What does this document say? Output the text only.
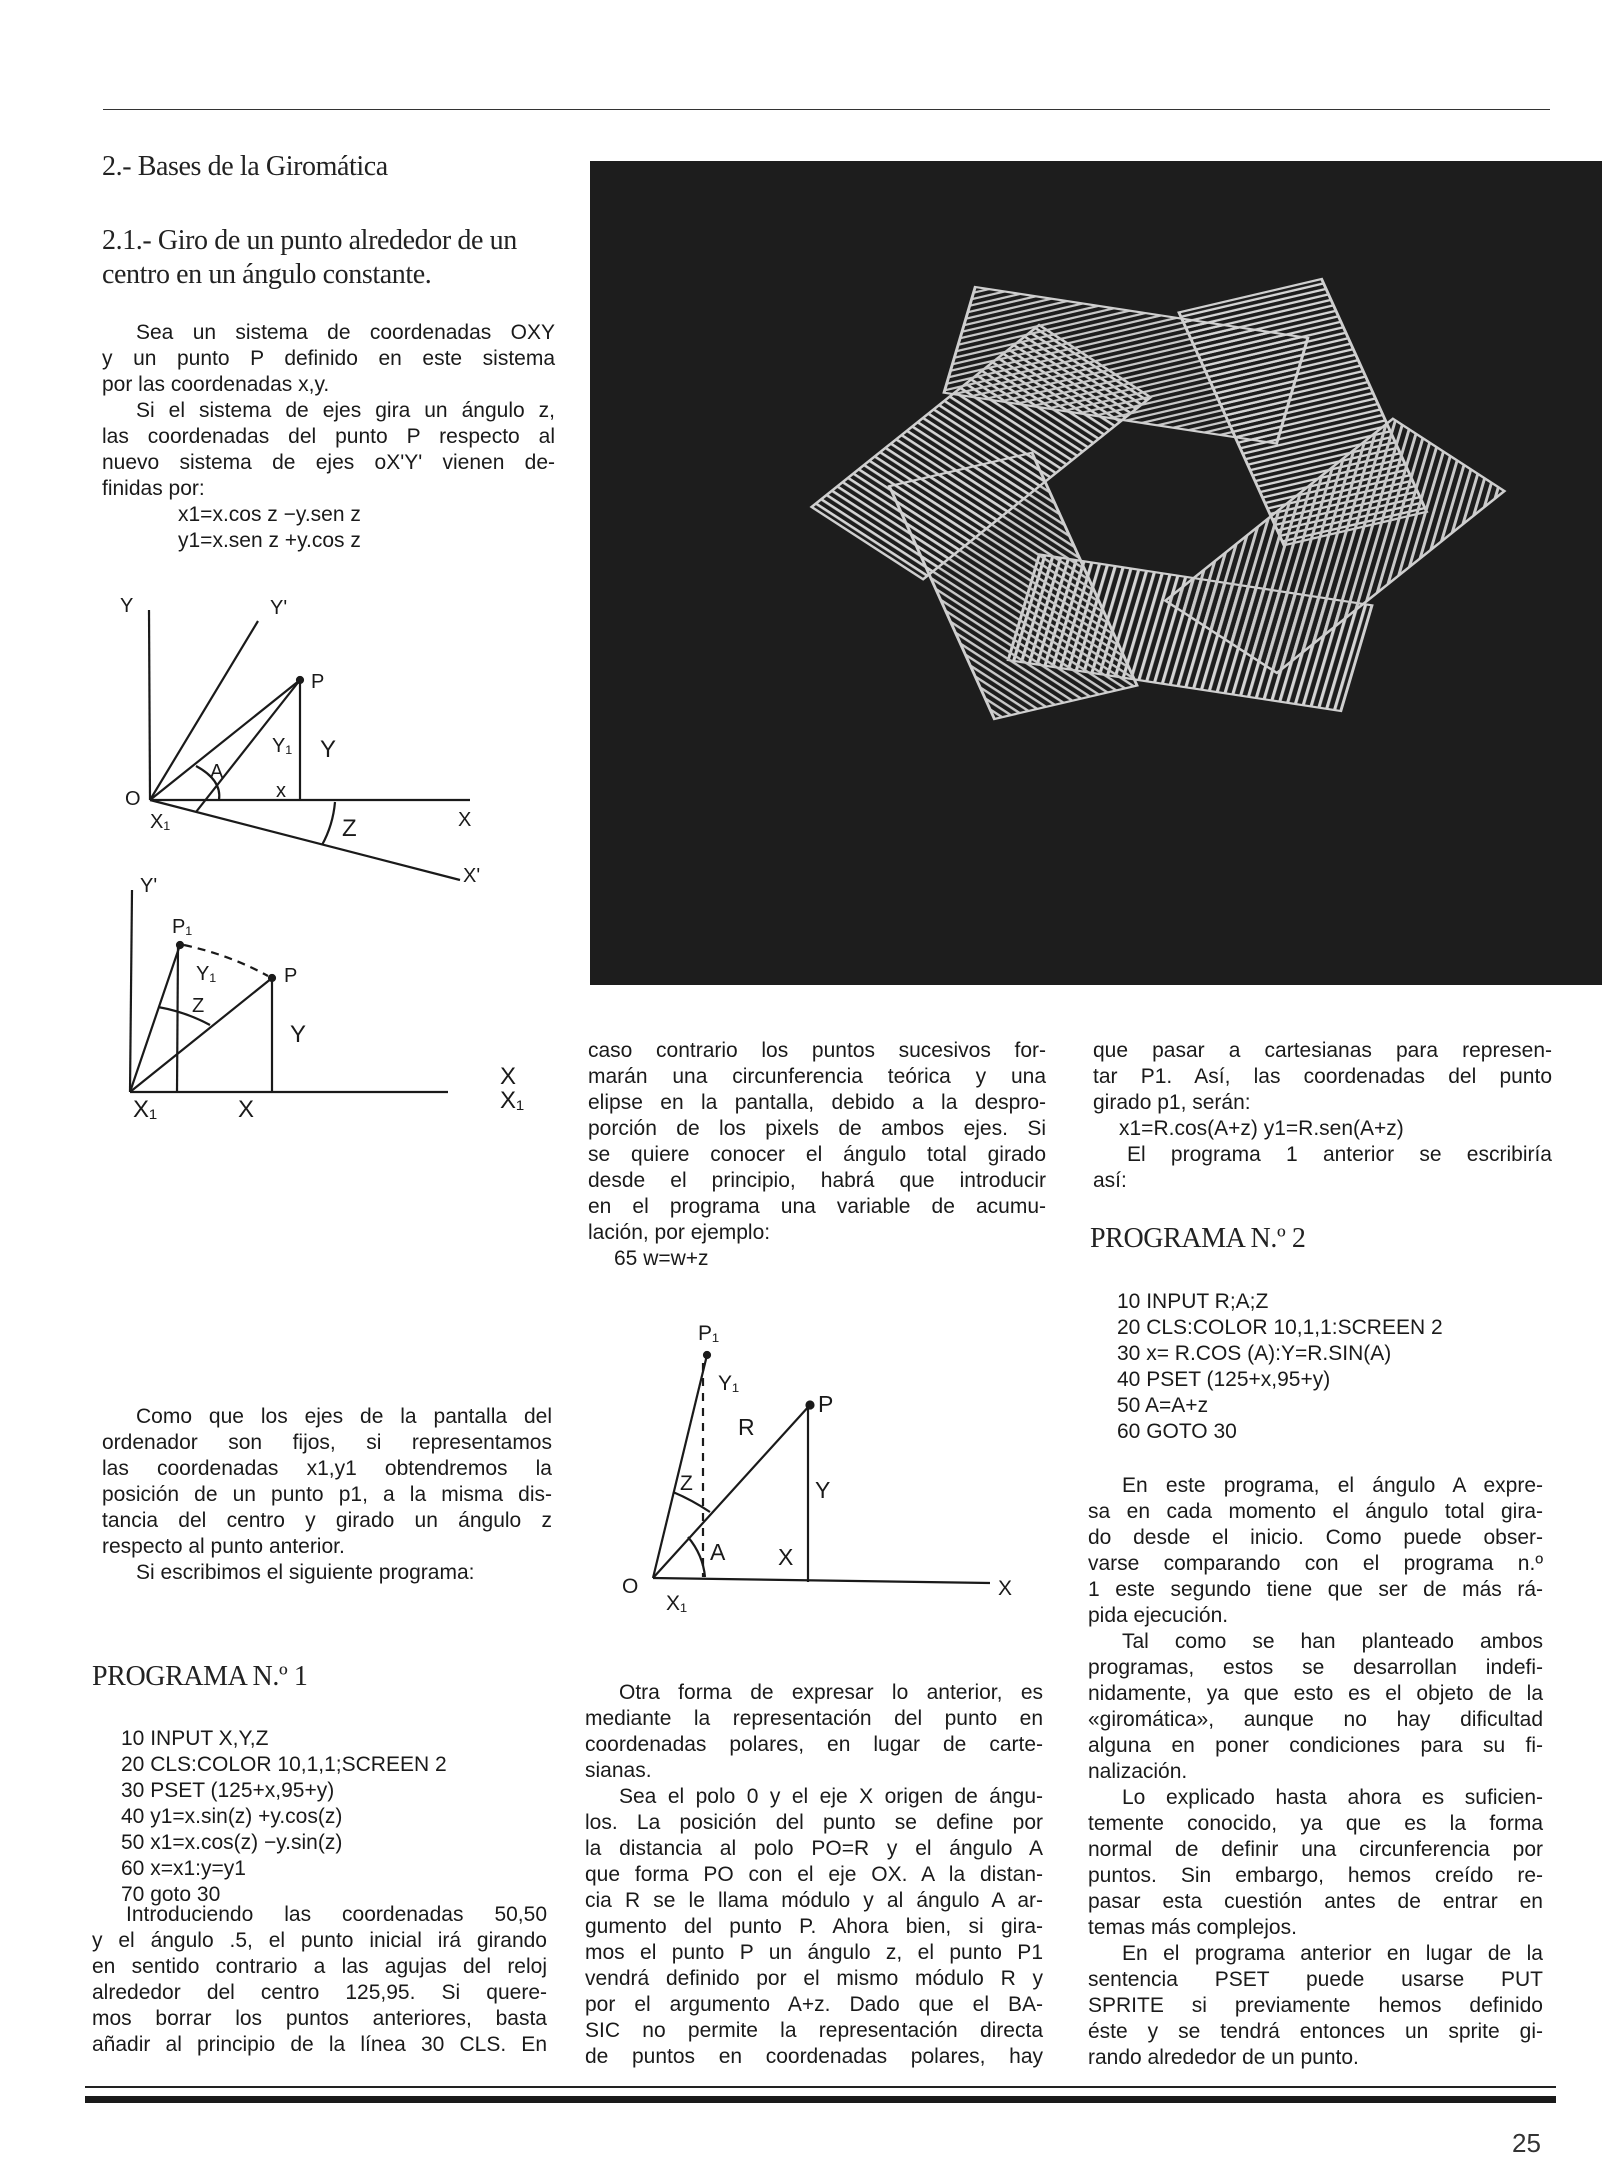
2.- Bases de la Giromática
2.1.- Giro de un punto alrededor de un
centro en un ángulo constante.
Sea un sistema de coordenadas OXY
y un punto P definido en este sistema
por las coordenadas x,y.
Si el sistema de ejes gira un ángulo z,
las coordenadas del punto P respecto al
nuevo sistema de ejes oX'Y' vienen de-
finidas por:
x1=x.cos z −y.sen z
y1=x.sen z +y.cos z
Como que los ejes de la pantalla del
ordenador son fijos, si representamos
las coordenadas x1,y1 obtendremos la
posición de un punto p1, a la misma dis-
tancia del centro y girado un ángulo z
respecto al punto anterior.
Si escribimos el siguiente programa:
PROGRAMA N.º 1
10 INPUT X,Y,Z
20 CLS:COLOR 10,1,1;SCREEN 2
30 PSET (125+x,95+y)
40 y1=x.sin(z) +y.cos(z)
50 x1=x.cos(z) −y.sin(z)
60 x=x1:y=y1
70 goto 30
Introduciendo las coordenadas 50,50
y el ángulo .5, el punto inicial irá girando
en sentido contrario a las agujas del reloj
alrededor del centro 125,95. Si quere-
mos borrar los puntos anteriores, basta
añadir al principio de la línea 30 CLS. En
caso contrario los puntos sucesivos for-
marán una circunferencia teórica y una
elipse en la pantalla, debido a la despro-
porción de los pixels de ambos ejes. Si
se quiere conocer el ángulo total girado
desde el principio, habrá que introducir
en el programa una variable de acumu-
lación, por ejemplo:
65 w=w+z
Otra forma de expresar lo anterior, es
mediante la representación del punto en
coordenadas polares, en lugar de carte-
sianas.
Sea el polo 0 y el eje X origen de ángu-
los. La posición del punto se define por
la distancia al polo PO=R y el ángulo A
que forma PO con el eje OX. A la distan-
cia R se le llama módulo y al ángulo A ar-
gumento del punto P. Ahora bien, si gira-
mos el punto P un ángulo z, el punto P1
vendrá definido por el mismo módulo R y
por el argumento A+z. Dado que el BA-
SIC no permite la representación directa
de puntos en coordenadas polares, hay
que pasar a cartesianas para represen-
tar P1. Así, las coordenadas del punto
girado p1, serán:
x1=R.cos(A+z) y1=R.sen(A+z)
El programa 1 anterior se escribiría
así:
PROGRAMA N.º 2
10 INPUT R;A;Z
20 CLS:COLOR 10,1,1:SCREEN 2
30 x= R.COS (A):Y=R.SIN(A)
40 PSET (125+x,95+y)
50 A=A+z
60 GOTO 30
En este programa, el ángulo A expre-
sa en cada momento el ángulo total gira-
do desde el inicio. Como puede obser-
varse comparando con el programa n.º
1 este segundo tiene que ser de más rá-
pida ejecución.
Tal como se han planteado ambos
programas, estos se desarrollan indefi-
nidamente, ya que esto es el objeto de la
«giromática», aunque no hay dificultad
alguna en poner condiciones para su fi-
nalización.
Lo explicado hasta ahora es suficien-
temente conocido, ya que es la forma
normal de definir una circunferencia por
puntos. Sin embargo, hemos creído re-
pasar esta cuestión antes de entrar en
temas más complejos.
En el programa anterior en lugar de la
sentencia PSET puede usarse PUT
SPRITE si previamente hemos definido
éste y se tendrá entonces un sprite gi-
rando alrededor de un punto.
Y	Y'
P
Y₁ Y
A
x
O
X₁	X
Z
X'
Y'
P₁
Y₁	P
Z
Y
X
X₁
X₁	X
P₁
Y₁
P
R
Y
Z
A X
O
X₁
X
25
